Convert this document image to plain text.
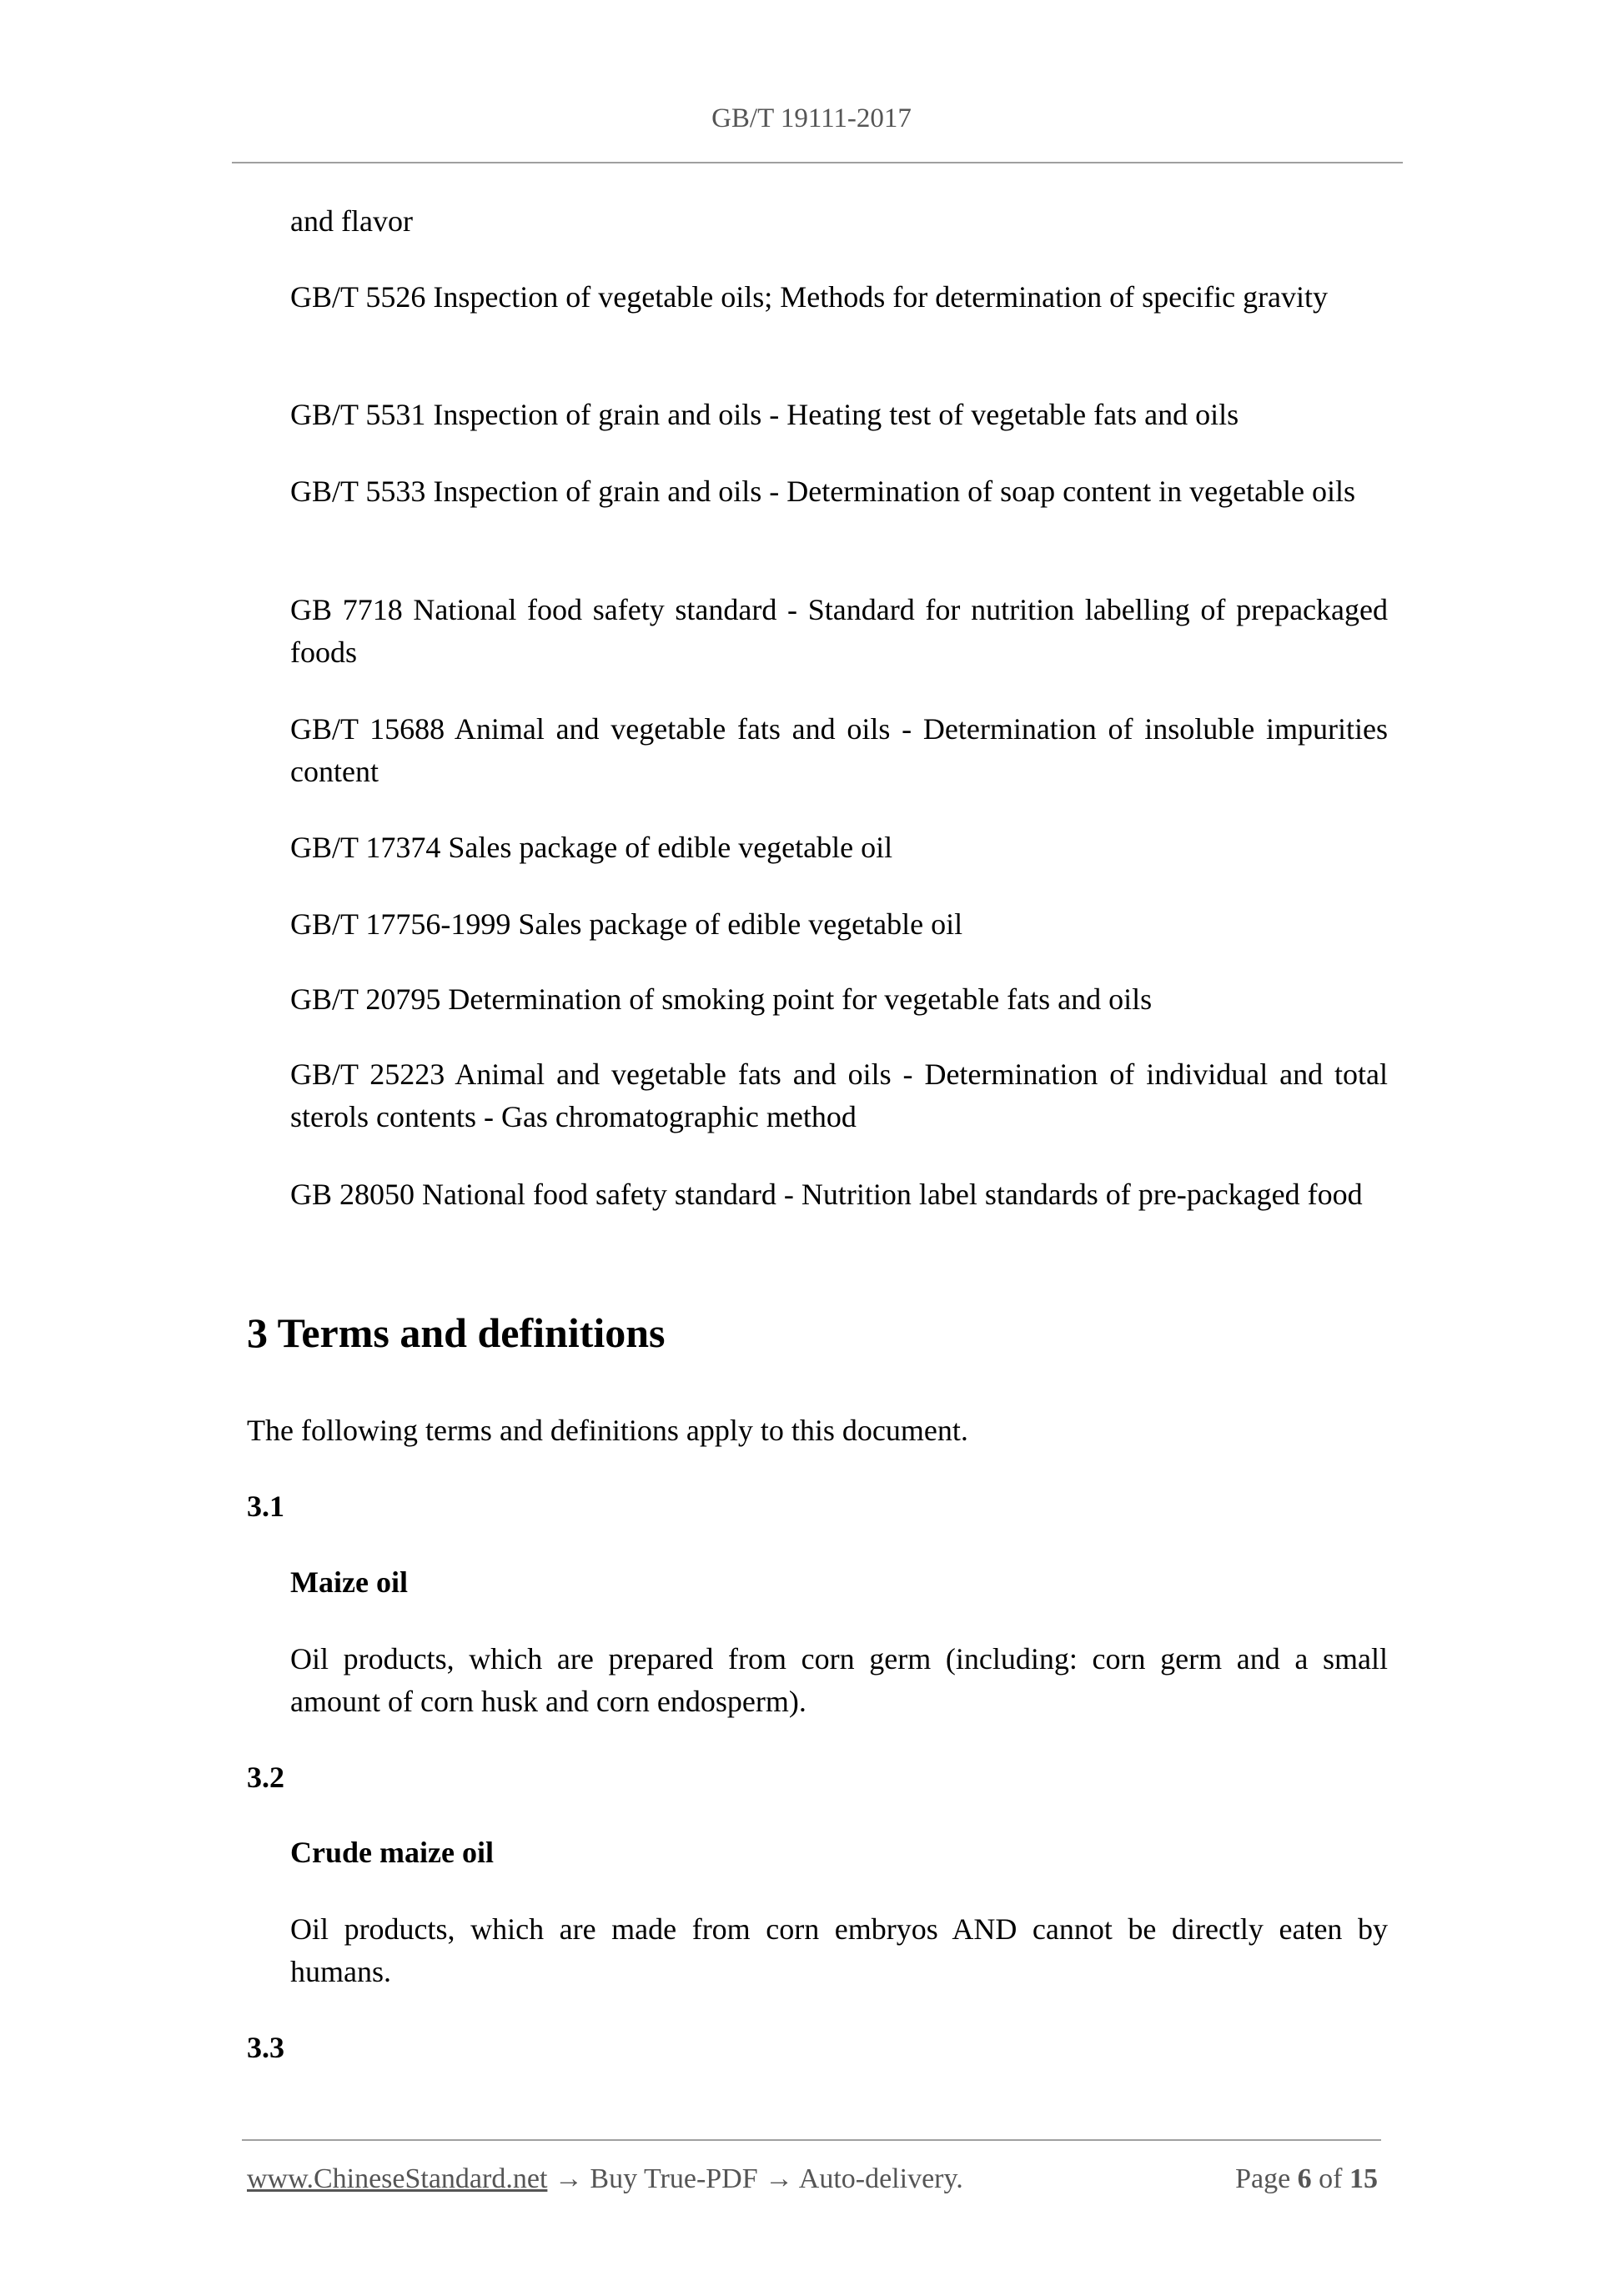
GB/T 19111-2017
and flavor
GB/T 5526 Inspection of vegetable oils; Methods for determination of specific gravity
GB/T 5531 Inspection of grain and oils - Heating test of vegetable fats and oils
GB/T 5533 Inspection of grain and oils - Determination of soap content in vegetable oils
GB 7718 National food safety standard - Standard for nutrition labelling of prepackaged foods
GB/T 15688 Animal and vegetable fats and oils - Determination of insoluble impurities content
GB/T 17374 Sales package of edible vegetable oil
GB/T 17756-1999 Sales package of edible vegetable oil
GB/T 20795 Determination of smoking point for vegetable fats and oils
GB/T 25223 Animal and vegetable fats and oils - Determination of individual and total sterols contents - Gas chromatographic method
GB 28050 National food safety standard - Nutrition label standards of pre-packaged food
3 Terms and definitions
The following terms and definitions apply to this document.
3.1
Maize oil
Oil products, which are prepared from corn germ (including: corn germ and a small amount of corn husk and corn endosperm).
3.2
Crude maize oil
Oil products, which are made from corn embryos AND cannot be directly eaten by humans.
3.3
www.ChineseStandard.net → Buy True-PDF → Auto-delivery.	Page 6 of 15
